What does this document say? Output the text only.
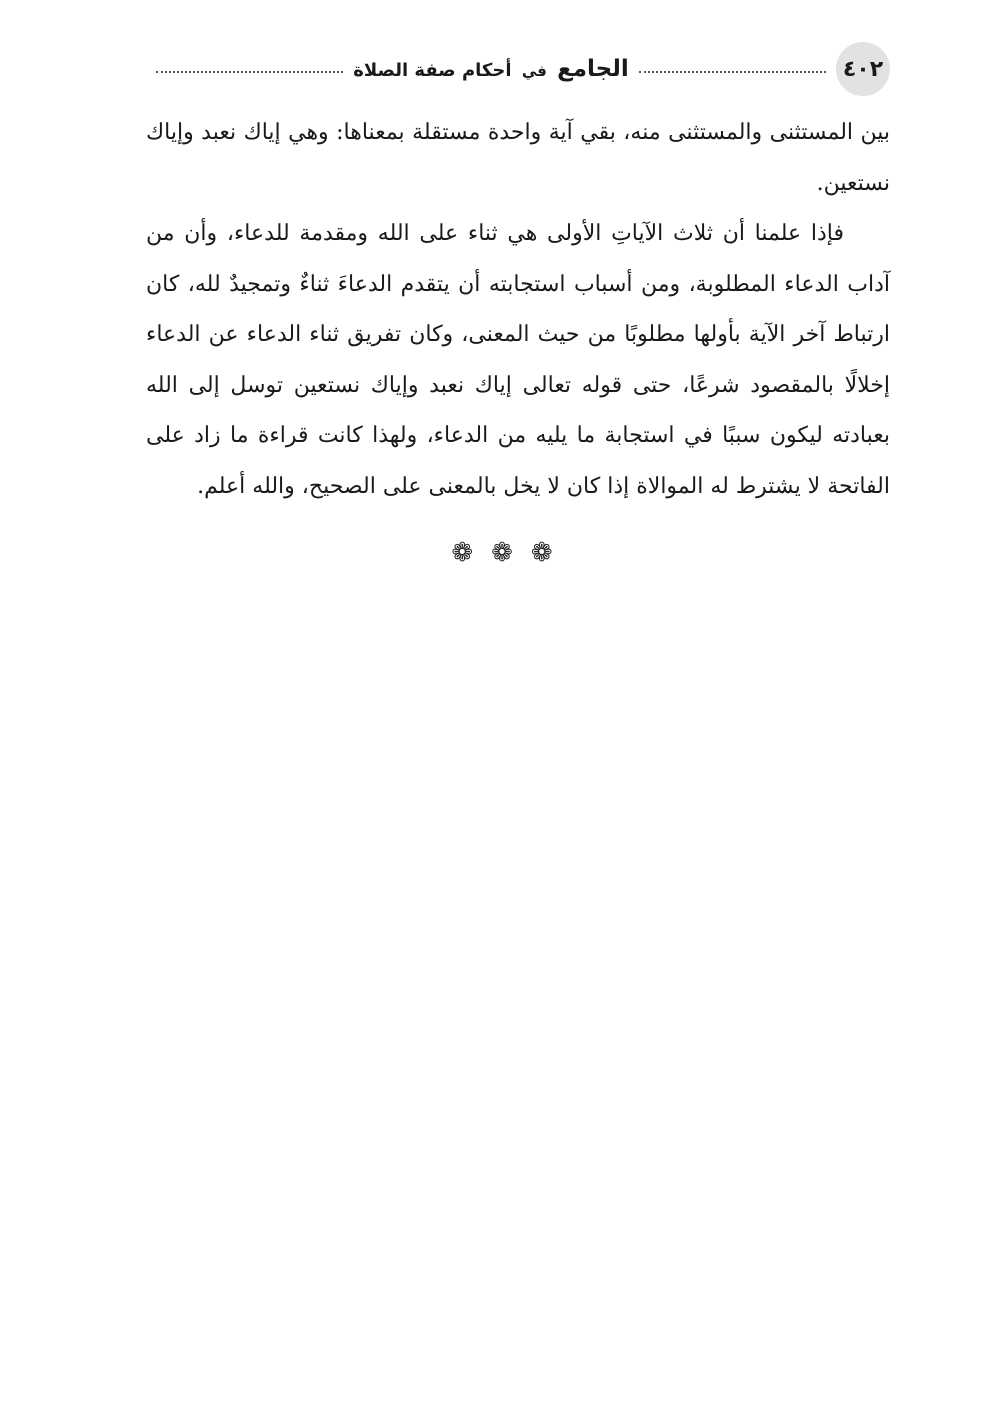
٤٠٢
الجامع في أحكام صفة الصلاة

بين المستثنى والمستثنى منه، بقي آية واحدة مستقلة بمعناها: وهي إياك نعبد وإياك نستعين.

فإذا علمنا أن ثلاث الآياتِ الأولى هي ثناء على الله ومقدمة للدعاء، وأن من آداب الدعاء المطلوبة، ومن أسباب استجابته أن يتقدم الدعاءَ ثناءٌ وتمجيدٌ لله، كان ارتباط آخر الآية بأولها مطلوبًا من حيث المعنى، وكان تفريق ثناء الدعاء عن الدعاء إخلالًا بالمقصود شرعًا، حتى قوله تعالى إياك نعبد وإياك نستعين توسل إلى الله بعبادته ليكون سببًا في استجابة ما يليه من الدعاء، ولهذا كانت قراءة ما زاد على الفاتحة لا يشترط له الموالاة إذا كان لا يخل بالمعنى على الصحيح، والله أعلم.

❁
❁
❁
